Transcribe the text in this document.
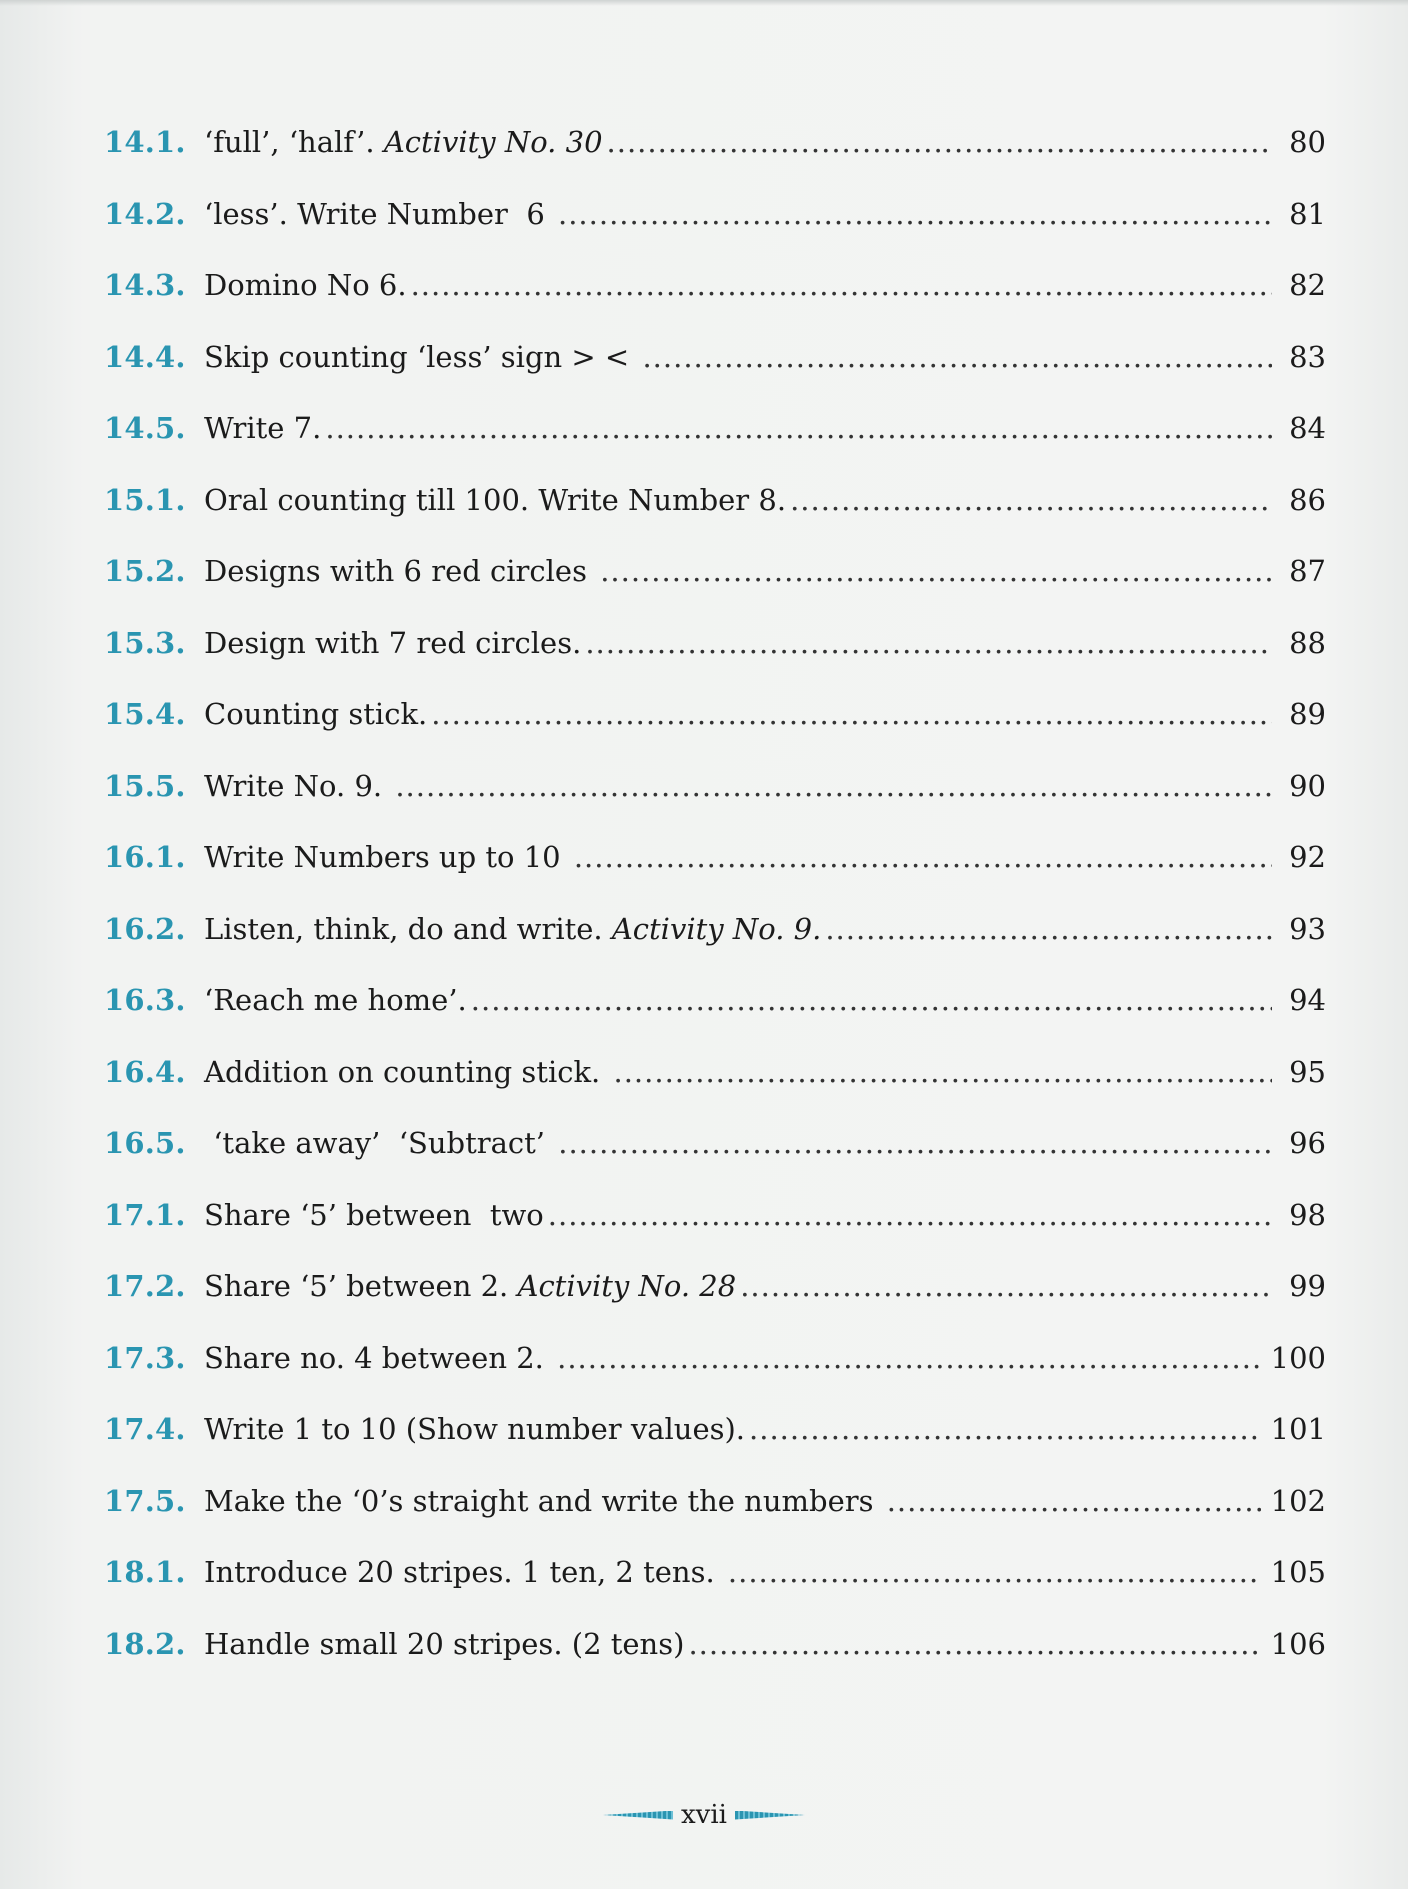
14.1. ‘full’, ‘half’. Activity No. 30 .....	80
14.2. ‘less’. Write Number  6 .....	81
14.3. Domino No 6. .....	82
14.4. Skip counting ‘less’ sign > < .....	83
14.5. Write 7. .....	84
15.1. Oral counting till 100. Write Number 8. .....	86
15.2. Designs with 6 red circles .....	87
15.3. Design with 7 red circles. .....	88
15.4. Counting stick. .....	89
15.5. Write No. 9. .....	90
16.1. Write Numbers up to 10 .....	92
16.2. Listen, think, do and write. Activity No. 9. .....	93
16.3. ‘Reach me home’. .....	94
16.4. Addition on counting stick. .....	95
16.5. ‘take away’  ‘Subtract’ .....	96
17.1. Share ‘5’ between  two .....	98
17.2. Share ‘5’ between 2. Activity No. 28 .....	99
17.3. Share no. 4 between 2. .....	100
17.4. Write 1 to 10 (Show number values). .....	101
17.5. Make the ‘0’s straight and write the numbers .....	102
18.1. Introduce 20 stripes. 1 ten, 2 tens. .....	105
18.2. Handle small 20 stripes. (2 tens) .....	106
xvii
